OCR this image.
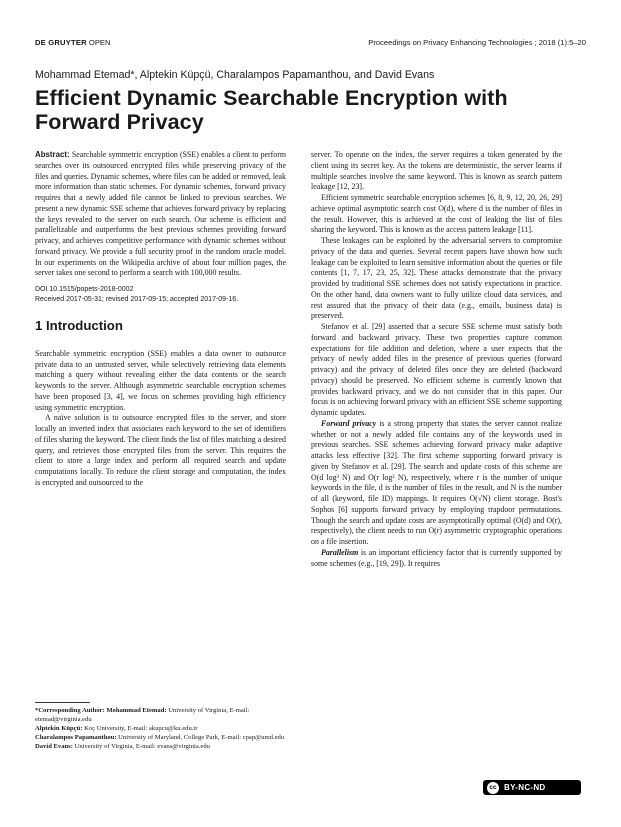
DE GRUYTER OPEN	Proceedings on Privacy Enhancing Technologies ; 2018 (1):5–20
Mohammad Etemad*, Alptekin Küpçü, Charalampos Papamanthou, and David Evans
Efficient Dynamic Searchable Encryption with Forward Privacy

Abstract: Searchable symmetric encryption (SSE) enables a client to perform searches over its outsourced encrypted files while preserving privacy of the files and queries. Dynamic schemes, where files can be added or removed, leak more information than static schemes. For dynamic schemes, forward privacy requires that a newly added file cannot be linked to previous searches. We present a new dynamic SSE scheme that achieves forward privacy by replacing the keys revealed to the server on each search. Our scheme is efficient and parallelizable and outperforms the best previous schemes providing forward privacy, and achieves competitive performance with dynamic schemes without forward privacy. We provide a full security proof in the random oracle model. In our experiments on the Wikipedia archive of about four million pages, the server takes one second to perform a search with 100,000 results.

DOI 10.1515/popets-2018-0002

Received 2017-05-31; revised 2017-09-15; accepted 2017-09-16.

1 Introduction

Searchable symmetric encryption (SSE) enables a data owner to outsource private data to an untrusted server, while selectively retrieving data elements matching a query without revealing either the data contents or the search keywords to the server. Although asymmetric searchable encryption schemes have been proposed [3, 4], we focus on schemes providing high efficiency using symmetric encryption.

A naïve solution is to outsource encrypted files to the server, and store locally an inverted index that associates each keyword to the set of identifiers of files sharing the keyword. The client finds the list of files matching a desired query, and retrieves those encrypted files from the server. This requires the client to store a large index and perform all required search and update computations locally. To reduce the client storage and computation, the index is encrypted and outsourced to the

server. To operate on the index, the server requires a token generated by the client using its secret key. As the tokens are deterministic, the server learns if multiple searches involve the same keyword. This is known as search pattern leakage [12, 23].

Efficient symmetric searchable encryption schemes [6, 8, 9, 12, 20, 26, 29] achieve optimal asymptotic search cost O(d), where d is the number of files in the result. However, this is achieved at the cost of leaking the list of files sharing the keyword. This is known as the access pattern leakage [11].

These leakages can be exploited by the adversarial servers to compromise privacy of the data and queries. Several recent papers have shown how such leakage can be exploited to learn sensitive information about the queries or file contents [1, 7, 17, 23, 25, 32]. These attacks demonstrate that the privacy provided by traditional SSE schemes does not satisfy expectations in practice. On the other hand, data owners want to fully utilize cloud data services, and rest assured that the privacy of their data (e.g., emails, business data) is preserved.

Stefanov et al. [29] asserted that a secure SSE scheme must satisfy both forward and backward privacy. These two properties capture common expectations for file addition and deletion, where a user expects that the privacy of newly added files in the presence of previous queries (forward privacy) and the privacy of deleted files once they are deleted (backward privacy) should be preserved. No efficient scheme is currently known that provides backward privacy, and we do not consider that in this paper. Our focus is on achieving forward privacy with an efficient SSE scheme supporting dynamic updates.

Forward privacy is a strong property that states the server cannot realize whether or not a newly added file contains any of the keywords used in previous searches. SSE schemes achieving forward privacy make adaptive attacks less effective [32]. The first scheme supporting forward privacy is given by Stefanov et al. [29]. The search and update costs of this scheme are O(d log³ N) and O(r log² N), respectively, where r is the number of unique keywords in the file, d is the number of files in the result, and N is the number of all (keyword, file ID) mappings. It requires O(√N) client storage. Bost's Sophos [6] supports forward privacy by employing trapdoor permutations. Though the search and update costs are asymptotically optimal (O(d) and O(r), respectively), the client needs to run O(r) asymmetric cryptographic operations on a file insertion.

Parallelism is an important efficiency factor that is currently supported by some schemes (e.g., [19, 29]). It requires

*Corresponding Author: Mohammad Etemad: University of Virginia, E-mail: etemad@virginia.edu

Alptekin Küpçü: Koç University, E-mail: akupcu@ku.edu.tr

Charalampos Papamanthou: University of Maryland, College Park, E-mail: cpap@umd.edu

David Evans: University of Virginia, E-mail: evans@virginia.edu

cc BY-NC-ND
